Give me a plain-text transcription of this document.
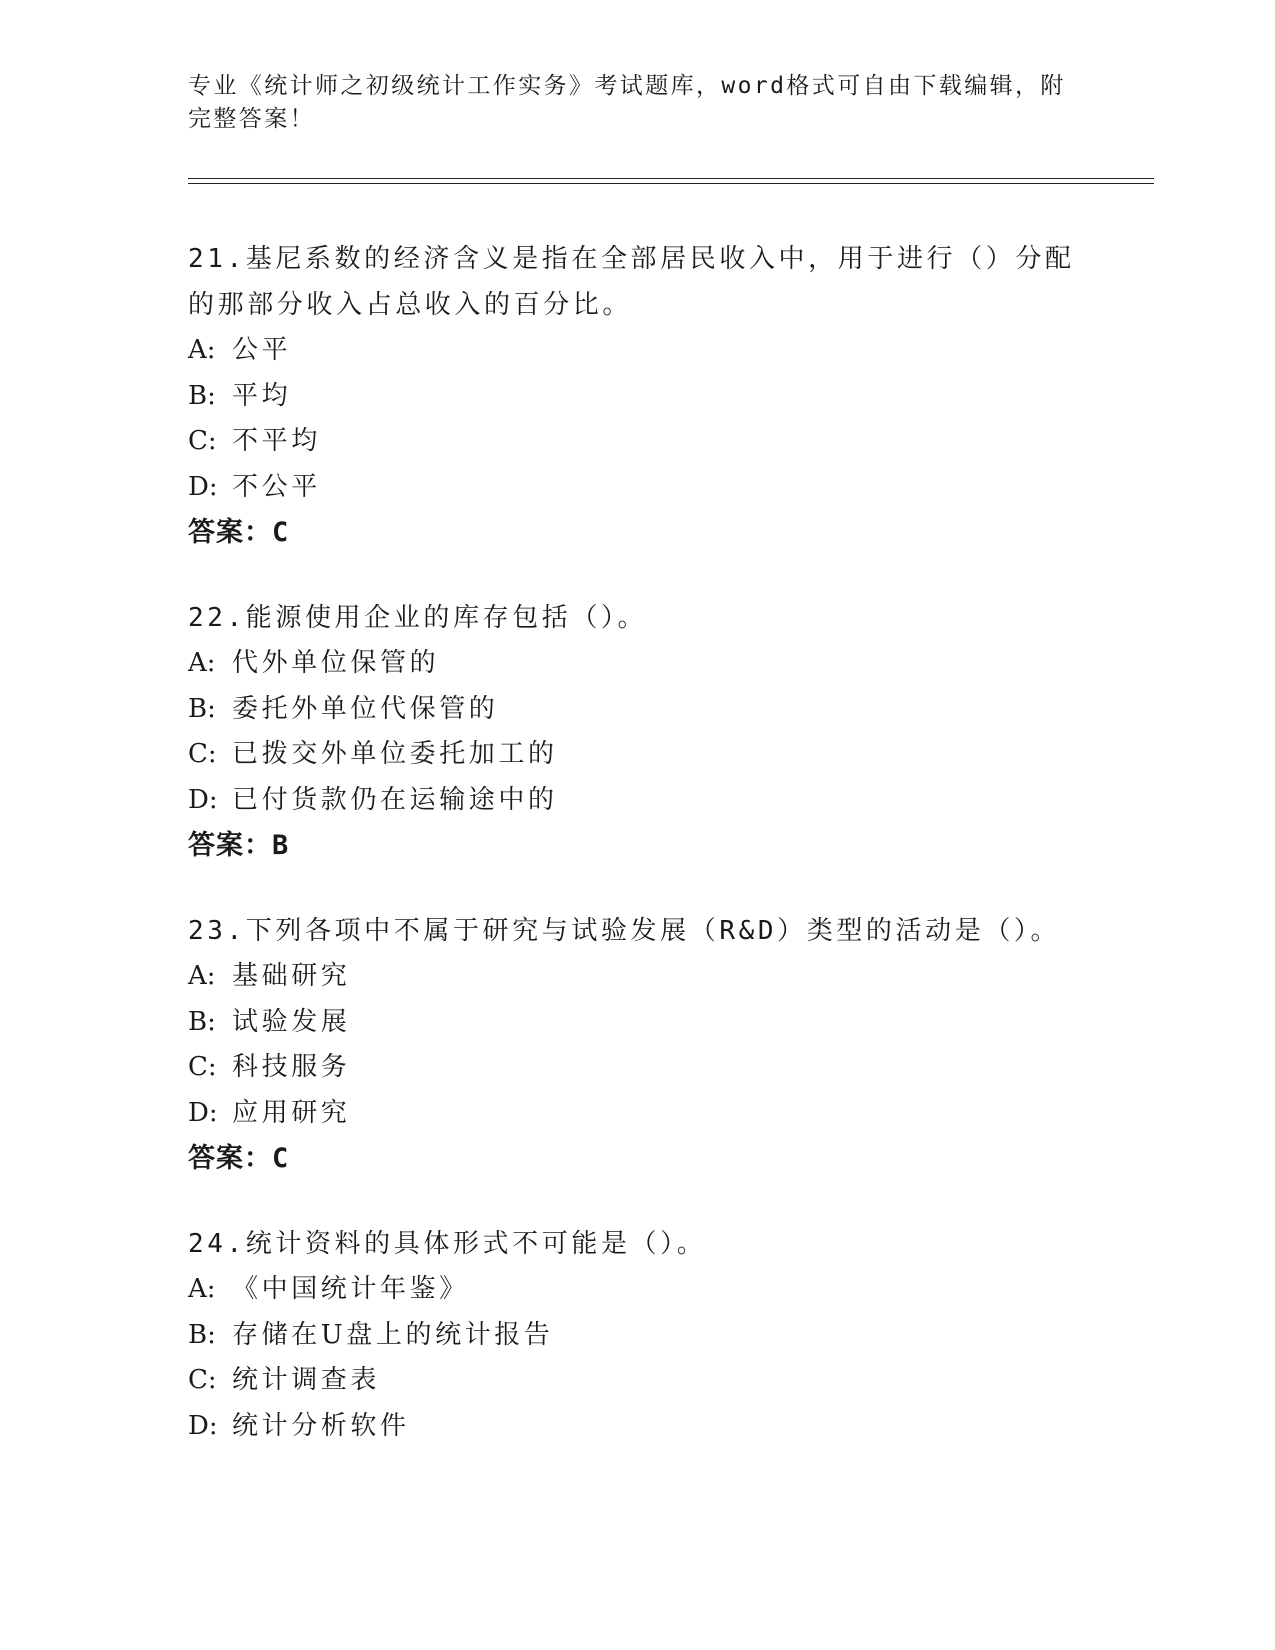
专业《统计师之初级统计工作实务》考试题库，word格式可自由下载编辑，附完整答案！
21.基尼系数的经济含义是指在全部居民收入中，用于进行（）分配的那部分收入占总收入的百分比。
A: 公平
B: 平均
C: 不平均
D: 不公平
答案：C
22.能源使用企业的库存包括（）。
A: 代外单位保管的
B: 委托外单位代保管的
C: 已拨交外单位委托加工的
D: 已付货款仍在运输途中的
答案：B
23.下列各项中不属于研究与试验发展（R&D）类型的活动是（）。
A: 基础研究
B: 试验发展
C: 科技服务
D: 应用研究
答案：C
24.统计资料的具体形式不可能是（）。
A: 《中国统计年鉴》
B: 存储在U盘上的统计报告
C: 统计调查表
D: 统计分析软件
